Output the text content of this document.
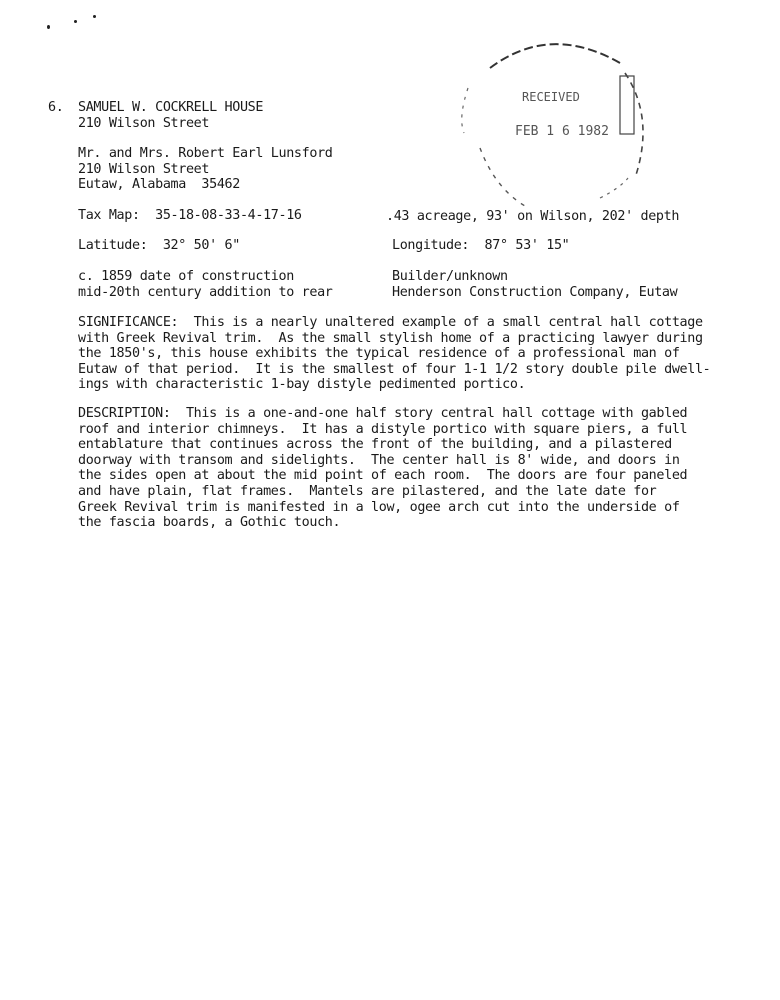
RECEIVED
FEB 1 6 1982
6. SAMUEL W. COCKRELL HOUSE
210 Wilson Street
Mr. and Mrs. Robert Earl Lunsford
210 Wilson Street
Eutaw, Alabama  35462
Tax Map:  35-18-08-33-4-17-16	.43 acreage, 93' on Wilson, 202' depth
Latitude:  32° 50' 6"	Longitude:  87° 53' 15"
c. 1859 date of construction
mid-20th century addition to rear
Builder/unknown
Henderson Construction Company, Eutaw
SIGNIFICANCE:  This is a nearly unaltered example of a small central hall cottage
with Greek Revival trim.  As the small stylish home of a practicing lawyer during
the 1850's, this house exhibits the typical residence of a professional man of
Eutaw of that period.  It is the smallest of four 1-1 1/2 story double pile dwell-
ings with characteristic 1-bay distyle pedimented portico.
DESCRIPTION:  This is a one-and-one half story central hall cottage with gabled
roof and interior chimneys.  It has a distyle portico with square piers, a full
entablature that continues across the front of the building, and a pilastered
doorway with transom and sidelights.  The center hall is 8' wide, and doors in
the sides open at about the mid point of each room.  The doors are four paneled
and have plain, flat frames.  Mantels are pilastered, and the late date for
Greek Revival trim is manifested in a low, ogee arch cut into the underside of
the fascia boards, a Gothic touch.
